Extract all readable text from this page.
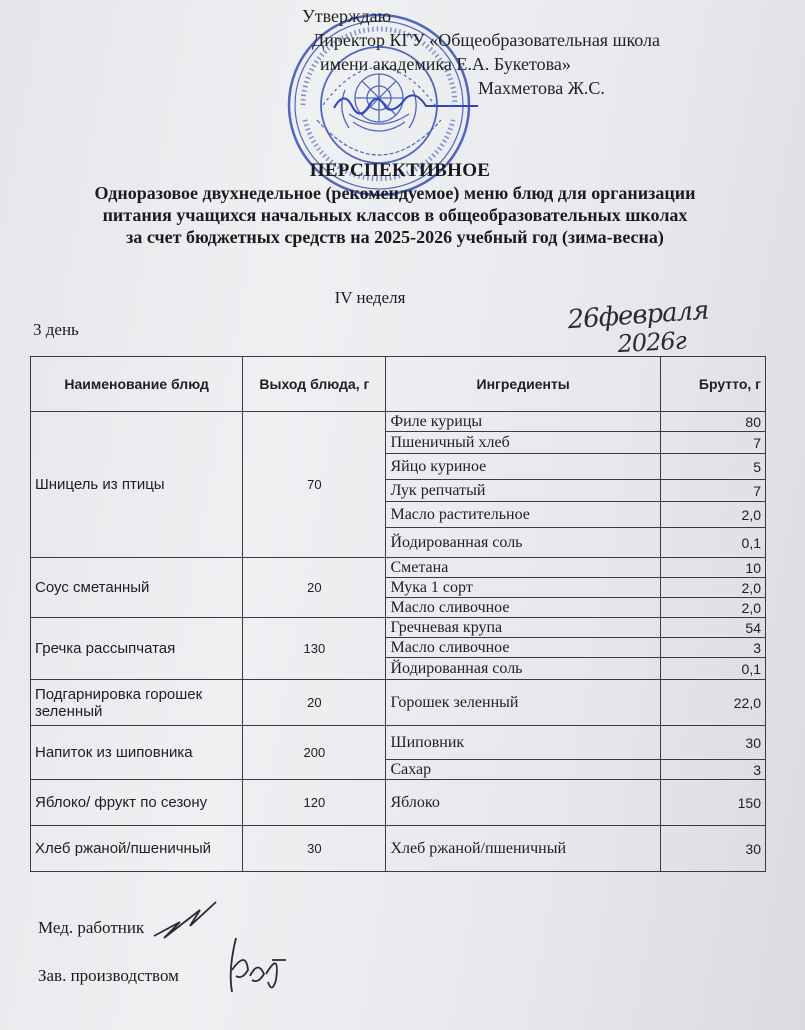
Утверждаю
Директор КГУ «Общеобразовательная школа
имени академика Е.А. Букетова»
Махметова Ж.С.
ПЕРСПЕКТИВНОЕ
Одноразовое двухнедельное (рекомендуемое) меню блюд для организации
питания учащихся начальных классов в общеобразовательных школах
за счет бюджетных средств на 2025-2026 учебный год (зима-весна)
IV неделя
3 день	26февраля
2026г
Наименование блюд	Выход блюда, г	Ингредиенты	Брутто, г
Шницель из птицы	70	Филе курицы	80
		Пшеничный хлеб	7
		Яйцо куриное	5
		Лук репчатый	7
		Масло растительное	2,0
		Йодированная соль	0,1
Соус сметанный	20	Сметана	10
		Мука 1 сорт	2,0
		Масло сливочное	2,0
Гречка рассыпчатая	130	Гречневая крупа	54
		Масло сливочное	3
		Йодированная соль	0,1
Подгарнировка горошек зеленный	20	Горошек зеленный	22,0
Напиток из шиповника	200	Шиповник	30
		Сахар	3
Яблоко/ фрукт по сезону	120	Яблоко	150
Хлеб ржаной/пшеничный	30	Хлеб ржаной/пшеничный	30
Мед. работник
Зав. производством
